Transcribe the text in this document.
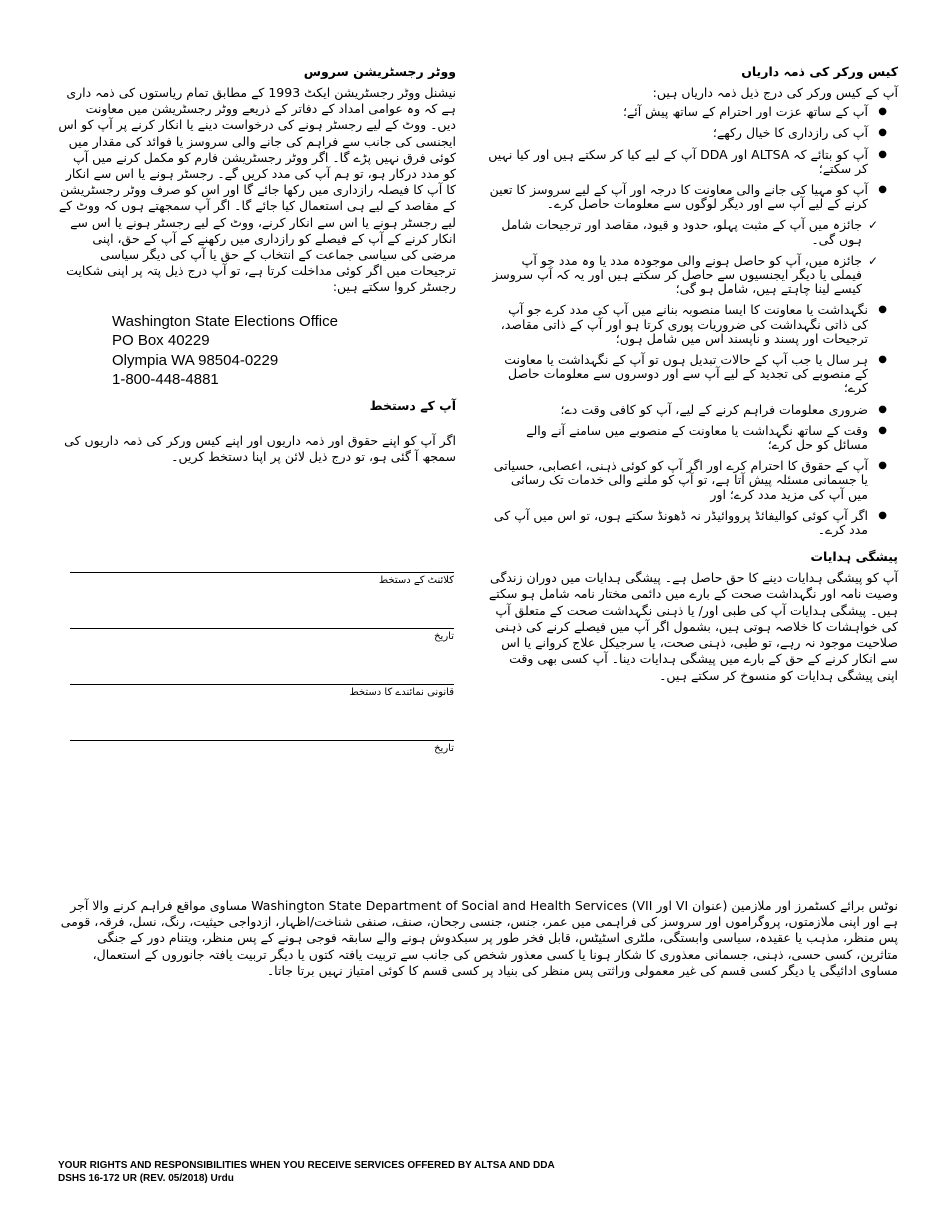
کیس ورکر کی ذمہ داریاں

آپ کے کیس ورکر کی درج ذیل ذمہ داریاں ہیں:

●
آپ کے ساتھ عزت اور احترام کے ساتھ پیش آئے؛
●
آپ کی رازداری کا خیال رکھے؛
●
آپ کو بتائے کہ ALTSA اور DDA آپ کے لیے کیا کر سکتے ہیں اور کیا نہیں کر سکتے؛
●
آپ کو مہیا کی جانے والی معاونت کا درجہ اور آپ کے لیے سروسز کا تعین کرنے کے لیے آپ سے اور دیگر لوگوں سے معلومات حاصل کرے۔
✓
جائزہ میں آپ کے مثبت پہلو، حدود و قیود، مقاصد اور ترجیحات شامل ہوں گی۔
✓
جائزہ میں، آپ کو حاصل ہونے والی موجودہ مدد یا وہ مدد جو آپ فیملی یا دیگر ایجنسیوں سے حاصل کر سکتے ہیں اور یہ کہ آپ سروسز کیسے لینا چاہتے ہیں، شامل ہو گی؛
●
نگہداشت یا معاونت کا ایسا منصوبہ بنانے میں آپ کی مدد کرے جو آپ کی ذاتی نگہداشت کی ضروریات پوری کرتا ہو اور آپ کے ذاتی مقاصد، ترجیحات اور پسند و ناپسند اس میں شامل ہوں؛
●
ہر سال یا جب آپ کے حالات تبدیل ہوں تو آپ کے نگہداشت یا معاونت کے منصوبے کی تجدید کے لیے آپ سے اور دوسروں سے معلومات حاصل کرے؛
●
ضروری معلومات فراہم کرنے کے لیے، آپ کو کافی وقت دے؛
●
وقت کے ساتھ نگہداشت یا معاونت کے منصوبے میں سامنے آنے والے مسائل کو حل کرے؛
●
آپ کے حقوق کا احترام کرے اور اگر آپ کو کوئی ذہنی، اعصابی، حسیاتی یا جسمانی مسئلہ پیش آتا ہے، تو آپ کو ملنے والی خدمات تک رسائی میں آپ کی مزید مدد کرے؛ اور
●
اگر آپ کوئی کوالیفائڈ پرووائیڈر نہ ڈھونڈ سکتے ہوں، تو اس میں آپ کی مدد کرے۔
پیشگی ہدایات

آپ کو پیشگی ہدایات دینے کا حق حاصل ہے۔ پیشگی ہدایات میں دوران زندگی وصیت نامہ اور نگہداشت صحت کے بارے میں دائمی مختار نامہ شامل ہو سکتے ہیں۔ پیشگی ہدایات آپ کی طبی اور/ یا ذہنی نگہداشت صحت کے متعلق آپ کی خواہشات کا خلاصہ ہوتی ہیں، بشمول اگر آپ میں فیصلے کرنے کی ذہنی صلاحیت موجود نہ رہے، تو طبی، ذہنی صحت، یا سرجیکل علاج کروانے یا اس سے انکار کرنے کے حق کے بارے میں پیشگی ہدایات دینا۔ آپ کسی بھی وقت اپنی پیشگی ہدایات کو منسوخ کر سکتے ہیں۔

ووٹر رجسٹریشن سروس

نیشنل ووٹر رجسٹریشن ایکٹ 1993 کے مطابق تمام ریاستوں کی ذمہ داری ہے کہ وہ عوامی امداد کے دفاتر کے ذریعے ووٹر رجسٹریشن میں معاونت دیں۔ ووٹ کے لیے رجسٹر ہونے کی درخواست دینے یا انکار کرنے پر آپ کو اس ایجنسی کی جانب سے فراہم کی جانے والی سروسز یا فوائد کی مقدار میں کوئی فرق نہیں پڑے گا۔ اگر ووٹر رجسٹریشن فارم کو مکمل کرنے میں آپ کو مدد درکار ہو، تو ہم آپ کی مدد کریں گے۔ رجسٹر ہونے یا اس سے انکار کا آپ کا فیصلہ رازداری میں رکھا جائے گا اور اس کو صرف ووٹر رجسٹریشن کے مقاصد کے لیے ہی استعمال کیا جائے گا۔ اگر آپ سمجھتے ہوں کہ ووٹ کے لیے رجسٹر ہونے یا اس سے انکار کرنے، ووٹ کے لیے رجسٹر ہونے یا اس سے انکار کرنے کے آپ کے فیصلے کو رازداری میں رکھنے کے آپ کے حق، اپنی مرضی کی سیاسی جماعت کے انتخاب کے حق یا آپ کی دیگر سیاسی ترجیحات میں اگر کوئی مداخلت کرتا ہے، تو آپ درج ذیل پتہ پر اپنی شکایت رجسٹر کروا سکتے ہیں:

Washington State Elections Office
PO Box 40229
Olympia WA 98504-0229
1-800-448-4881
آپ کے دستخط

اگر آپ کو اپنے حقوق اور ذمہ داریوں اور اپنے کیس ورکر کی ذمہ داریوں کی سمجھ آ گئی ہو، تو درج ذیل لائن پر اپنا دستخط کریں۔

کلائنٹ کے دستخط
تاریخ
قانونی نمائندے کا دستخط
تاریخ

نوٹس برائے کسٹمرز اور ملازمین (عنوان VI اور VII) Washington State Department of Social and Health Services مساوی مواقع فراہم کرنے والا آجر ہے اور اپنی ملازمتوں، پروگراموں اور سروسز کی فراہمی میں عمر، جنس، جنسی رجحان، صنف، صنفی شناخت/اظہار، ازدواجی حیثیت، رنگ، نسل، فرقہ، قومی پس منظر، مذہب یا عقیدہ، سیاسی وابستگی، ملٹری اسٹیٹس، قابل فخر طور پر سبکدوش ہونے والے سابقہ فوجی ہونے کے پس منظر، ویتنام دور کے جنگی متاثرین، کسی حسی، ذہنی، جسمانی معذوری کا شکار ہونا یا کسی معذور شخص کی جانب سے تربیت یافتہ کتوں یا دیگر تربیت یافتہ جانوروں کے استعمال، مساوی ادائیگی یا دیگر کسی قسم کی غیر معمولی وراثتی پس منظر کی بنیاد پر کسی قسم کا کوئی امتیاز نہیں برتا جاتا۔

YOUR RIGHTS AND RESPONSIBILITIES WHEN YOU RECEIVE SERVICES OFFERED BY ALTSA AND DDA
DSHS 16-172 UR (REV. 05/2018) Urdu
